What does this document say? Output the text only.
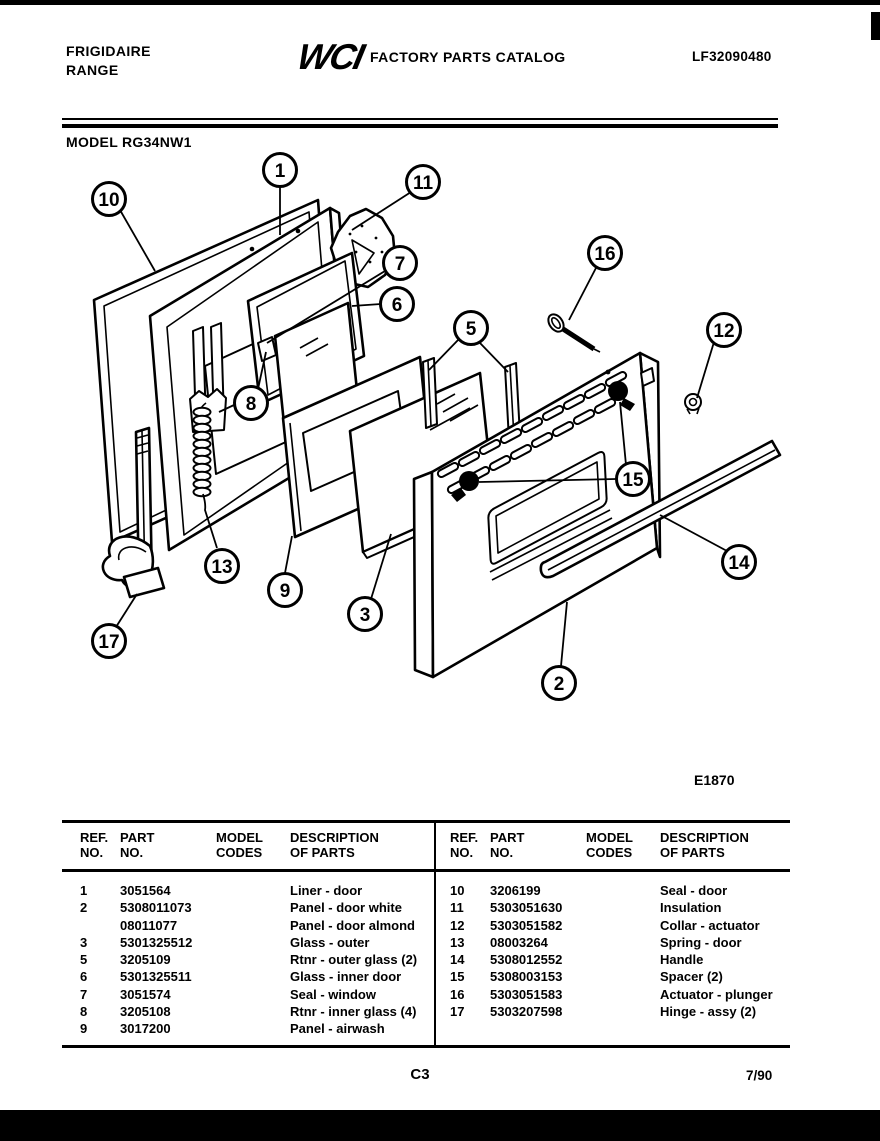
FRIGIDAIRE
RANGE	WCI FACTORY PARTS CATALOG	LF32090480
MODEL RG34NW1
1
2
3
5
6
7
8
9
10
11
12
13	14
15
16
17
E1870
REF.
NO.
PART
NO.
MODEL
CODES
DESCRIPTION
OF PARTS
1	3051564	Liner - door
2	5308011073	Panel - door white
08011077	Panel - door almond
3	5301325512	Glass - outer
5	3205109	Rtnr - outer glass (2)
6	5301325511	Glass - inner door
7	3051574	Seal - window
8	3205108	Rtnr - inner glass (4)
9	3017200	Panel - airwash
REF.
NO.
PART
NO.
MODEL
CODES
DESCRIPTION
OF PARTS
10	3206199	Seal - door
11	5303051630	Insulation
12	5303051582	Collar - actuator
13	08003264	Spring - door
14	5308012552	Handle
15	5308003153	Spacer (2)
16	5303051583	Actuator - plunger
17	5303207598	Hinge - assy (2)
C3	7/90
